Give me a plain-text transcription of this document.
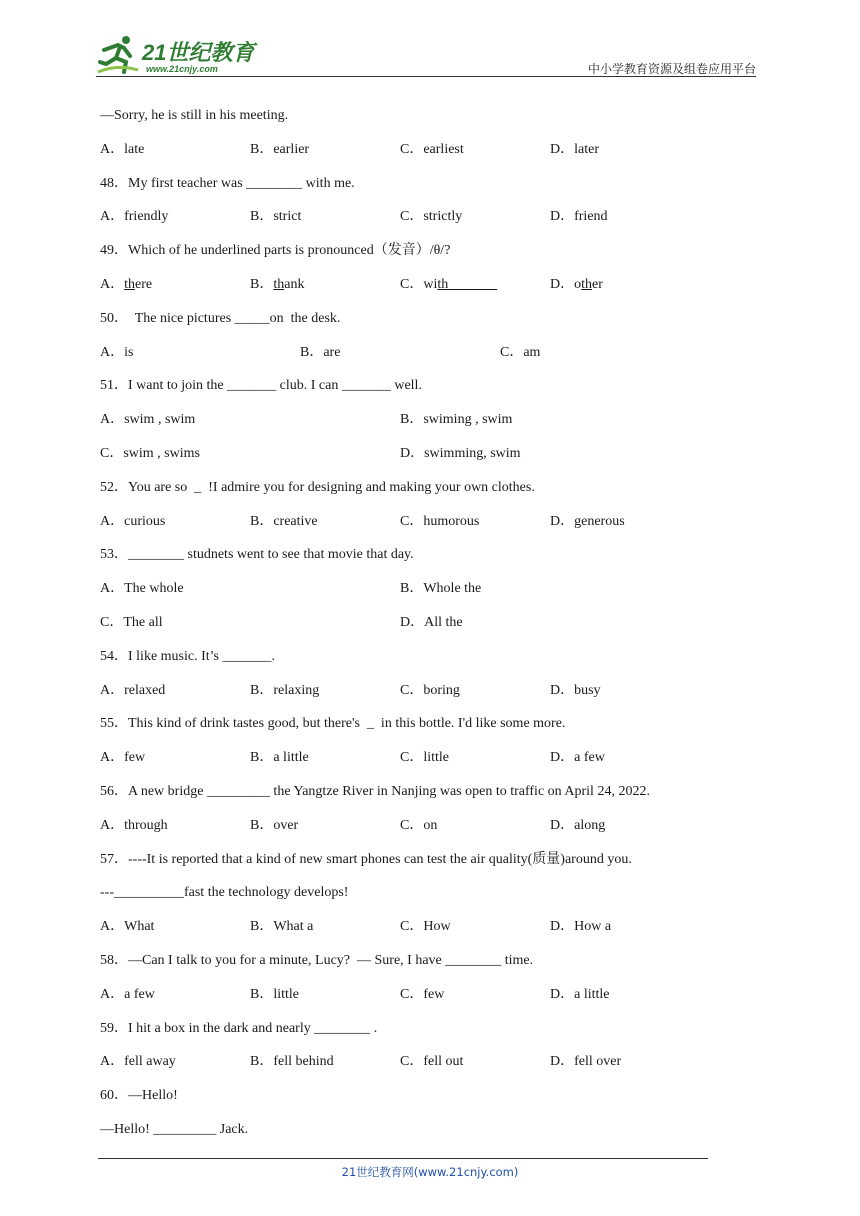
21世纪教育
www.21cnjy.com	中小学教育资源及组卷应用平台
—Sorry, he is still in his meeting.
A．late	B．earlier	C．earliest	D．later
48．My first teacher was ________ with me.
A．friendly	B．strict	C．strictly	D．friend
49．Which of he underlined parts is pronounced（发音）/θ/?
A．there	B．thank	C．with	D．other
50．  The nice pictures _____on  the desk.
A．is	B．are	C．am
51．I want to join the _______ club. I can _______ well.
A．swim , swim	B．swiming , swim
C．swim , swims	D．swimming, swim
52．You are so  _  !I admire you for designing and making your own clothes.
A．curious	B．creative	C．humorous	D．generous
53．________ studnets went to see that movie that day.
A．The whole	B．Whole the
C．The all	D．All the
54．I like music. It’s _______.
A．relaxed	B．relaxing	C．boring	D．busy
55．This kind of drink tastes good, but there's  _  in this bottle. I'd like some more.
A．few	B．a little	C．little	D．a few
56．A new bridge _________ the Yangtze River in Nanjing was open to traffic on April 24, 2022.
A．through	B．over	C．on	D．along
57．----It is reported that a kind of new smart phones can test the air quality(质量)around you.
---__________fast the technology develops!
A．What	B．What a	C．How	D．How a
58．—Can I talk to you for a minute, Lucy?  — Sure, I have ________ time.
A．a few	B．little	C．few	D．a little
59．I hit a box in the dark and nearly ________ .
A．fell away	B．fell behind	C．fell out	D．fell over
60．—Hello!
—Hello! _________ Jack.
21世纪教育网(www.21cnjy.com)
